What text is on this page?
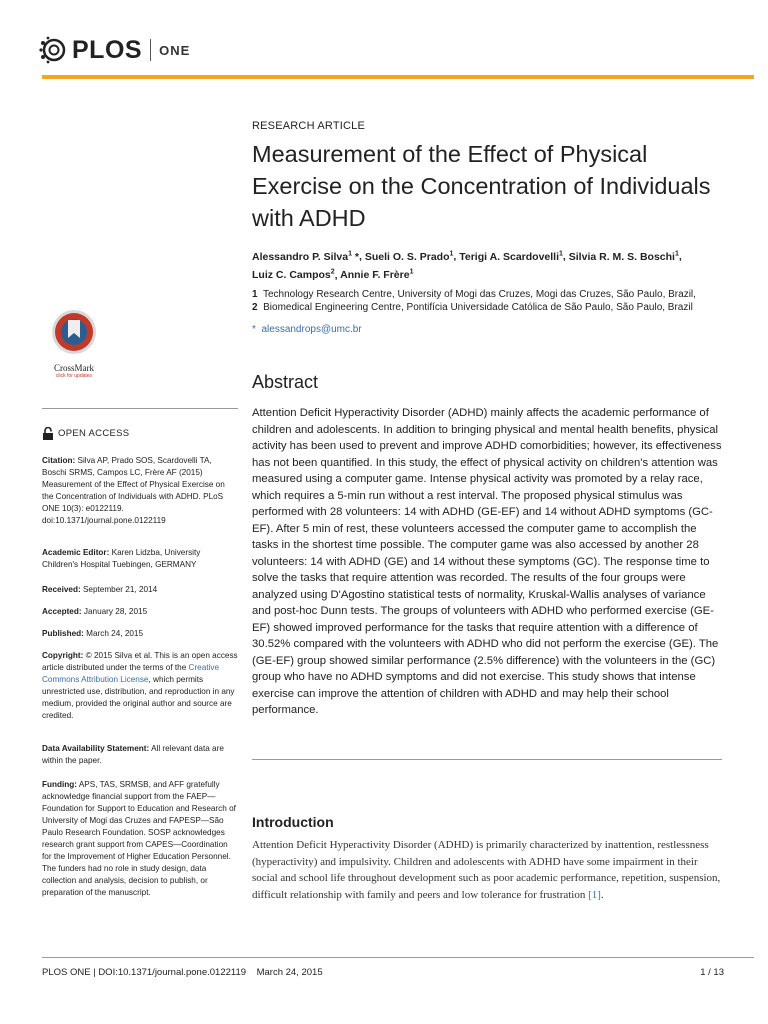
PLOS ONE
RESEARCH ARTICLE
Measurement of the Effect of Physical Exercise on the Concentration of Individuals with ADHD
Alessandro P. Silva$^1$ *, Sueli O. S. Prado$^1$, Terigi A. Scardovelli$^1$, Silvia R. M. S. Boschi$^1$,
Luiz C. Campos$^2$, Annie F. Frère$^1$
1 Technology Research Centre, University of Mogi das Cruzes, Mogi das Cruzes, São Paulo, Brazil,
2 Biomedical Engineering Centre, Pontifícia Universidade Católica de São Paulo, São Paulo, Brazil
* alessandrops@umc.br
CrossMark
click for updates	Abstract
Attention Deficit Hyperactivity Disorder (ADHD) mainly affects the academic performance of children and adolescents. In addition to bringing physical and mental health benefits, physical activity has been used to prevent and improve ADHD comorbidities; however, its effectiveness has not been quantified. In this study, the effect of physical activity on children's attention was measured using a computer game. Intense physical activity was promoted by a relay race, which requires a 5-min run without a rest interval. The proposed physical stimulus was performed with 28 volunteers: 14 with ADHD (GE-EF) and 14 without ADHD symptoms (GC-EF). After 5 min of rest, these volunteers accessed the computer game to accomplish the tasks in the shortest time possible. The computer game was also accessed by another 28 volunteers: 14 with ADHD (GE) and 14 without these symptoms (GC). The response time to solve the tasks that require attention was recorded. The results of the four groups were analyzed using D'Agostino statistical tests of normality, Kruskal-Wallis analyses of variance and post-hoc Dunn tests. The groups of volunteers with ADHD who performed exercise (GE-EF) showed improved performance for the tasks that require attention with a difference of 30.52% compared with the volunteers with ADHD who did not perform the exercise (GE). The (GE-EF) group showed similar performance (2.5% difference) with the volunteers in the (GC) group who have no ADHD symptoms and did not exercise. This study shows that intense exercise can improve the attention of children with ADHD and may help their school performance.
Introduction
Attention Deficit Hyperactivity Disorder (ADHD) is primarily characterized by inattention, restlessness (hyperactivity) and impulsivity. Children and adolescents with ADHD have some impairment in their social and school life throughout development such as poor academic performance, repetition, suspension, difficult relationship with family and peers and low tolerance for frustration [1].
OPEN ACCESS
Citation: Silva AP, Prado SOS, Scardovelli TA, Boschi SRMS, Campos LC, Frère AF (2015) Measurement of the Effect of Physical Exercise on the Concentration of Individuals with ADHD. PLoS ONE 10(3): e0122119. doi:10.1371/journal.pone.0122119
Academic Editor: Karen Lidzba, University Children's Hospital Tuebingen, GERMANY
Received: September 21, 2014
Accepted: January 28, 2015
Published: March 24, 2015
Copyright: © 2015 Silva et al. This is an open access article distributed under the terms of the Creative Commons Attribution License, which permits unrestricted use, distribution, and reproduction in any medium, provided the original author and source are credited.
Data Availability Statement: All relevant data are within the paper.
Funding: APS, TAS, SRMSB, and AFF gratefully acknowledge financial support from the FAEP—Foundation for Support to Education and Research of University of Mogi das Cruzes and FAPESP—São Paulo Research Foundation. SOSP acknowledges research grant support from CAPES—Coordination for the Improvement of Higher Education Personnel. The funders had no role in study design, data collection and analysis, decision to publish, or preparation of the manuscript.
PLOS ONE | DOI:10.1371/journal.pone.0122119    March 24, 2015	1 / 13
